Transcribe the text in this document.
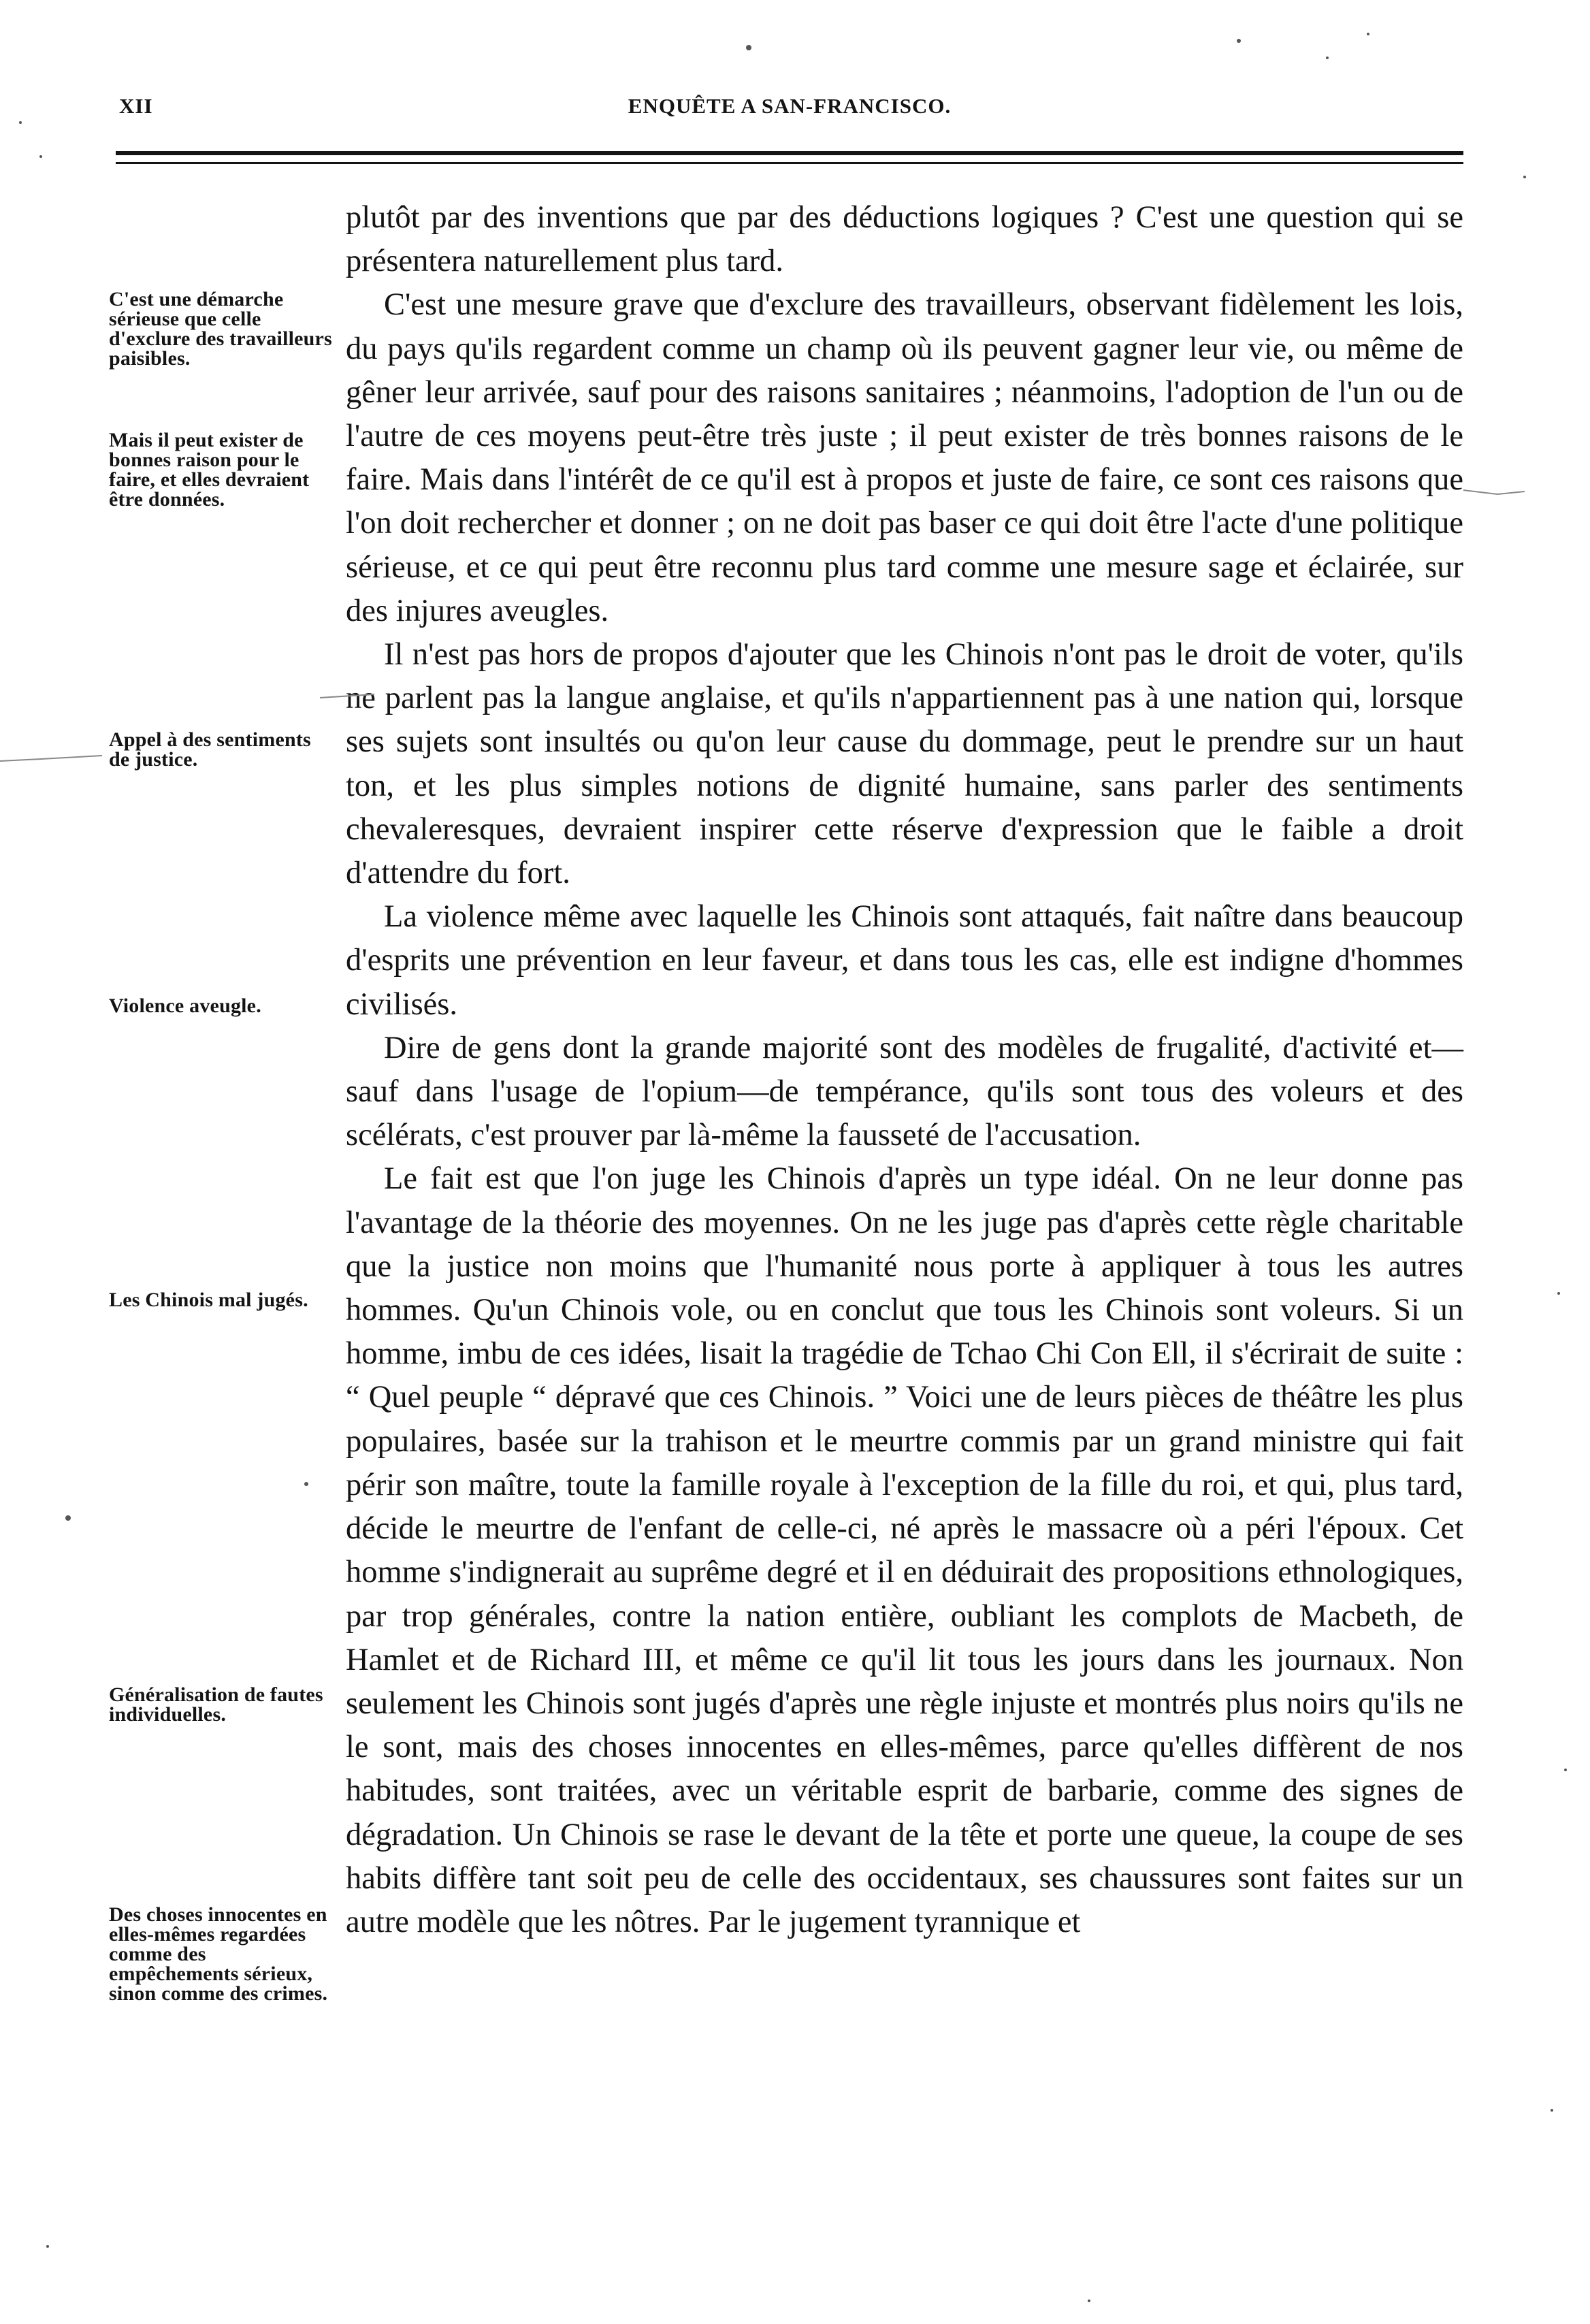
XII	ENQUÊTE A SAN-FRANCISCO.
C'est une démarche sérieuse que celle d'exclure des travailleurs paisibles.
Mais il peut exister de bonnes raison pour le faire, et elles devraient être données.
Appel à des sentiments de justice.
Violence aveugle.
Les Chinois mal jugés.
Généralisation de fautes individuelles.
Des choses innocentes en elles-mêmes regardées comme des empêchements sérieux, sinon comme des crimes.

plutôt par des inventions que par des déductions logiques ? C'est une question qui se présentera naturellement plus tard.

C'est une mesure grave que d'exclure des travailleurs, observant fidèlement les lois, du pays qu'ils regardent comme un champ où ils peuvent gagner leur vie, ou même de gêner leur arrivée, sauf pour des raisons sanitaires ; néanmoins, l'adoption de l'un ou de l'autre de ces moyens peut-être très juste ; il peut exister de très bonnes raisons de le faire. Mais dans l'intérêt de ce qu'il est à propos et juste de faire, ce sont ces raisons que l'on doit rechercher et donner ; on ne doit pas baser ce qui doit être l'acte d'une politique sérieuse, et ce qui peut être reconnu plus tard comme une mesure sage et éclairée, sur des injures aveugles.

Il n'est pas hors de propos d'ajouter que les Chinois n'ont pas le droit de voter, qu'ils ne parlent pas la langue anglaise, et qu'ils n'appartiennent pas à une nation qui, lorsque ses sujets sont insultés ou qu'on leur cause du dommage, peut le prendre sur un haut ton, et les plus simples notions de dignité humaine, sans parler des sentiments chevaleresques, devraient inspirer cette réserve d'expression que le faible a droit d'attendre du fort.

La violence même avec laquelle les Chinois sont attaqués, fait naître dans beaucoup d'esprits une prévention en leur faveur, et dans tous les cas, elle est indigne d'hommes civilisés.

Dire de gens dont la grande majorité sont des modèles de frugalité, d'activité et—sauf dans l'usage de l'opium—de tempérance, qu'ils sont tous des voleurs et des scélérats, c'est prouver par là-même la fausseté de l'accusation.

Le fait est que l'on juge les Chinois d'après un type idéal. On ne leur donne pas l'avantage de la théorie des moyennes. On ne les juge pas d'après cette règle charitable que la justice non moins que l'humanité nous porte à appliquer à tous les autres hommes. Qu'un Chinois vole, ou en conclut que tous les Chinois sont voleurs. Si un homme, imbu de ces idées, lisait la tragédie de Tchao Chi Con Ell, il s'écrirait de suite : “ Quel peuple “ dépravé que ces Chinois. ” Voici une de leurs pièces de théâtre les plus populaires, basée sur la trahison et le meurtre commis par un grand ministre qui fait périr son maître, toute la famille royale à l'exception de la fille du roi, et qui, plus tard, décide le meurtre de l'enfant de celle-ci, né après le massacre où a péri l'époux. Cet homme s'indignerait au suprême degré et il en déduirait des propositions ethnologiques, par trop générales, contre la nation entière, oubliant les complots de Macbeth, de Hamlet et de Richard III, et même ce qu'il lit tous les jours dans les journaux. Non seulement les Chinois sont jugés d'après une règle injuste et montrés plus noirs qu'ils ne le sont, mais des choses innocentes en elles-mêmes, parce qu'elles diffèrent de nos habitudes, sont traitées, avec un véritable esprit de barbarie, comme des signes de dégradation. Un Chinois se rase le devant de la tête et porte une queue, la coupe de ses habits diffère tant soit peu de celle des occidentaux, ses chaussures sont faites sur un autre modèle que les nôtres. Par le jugement tyrannique et
